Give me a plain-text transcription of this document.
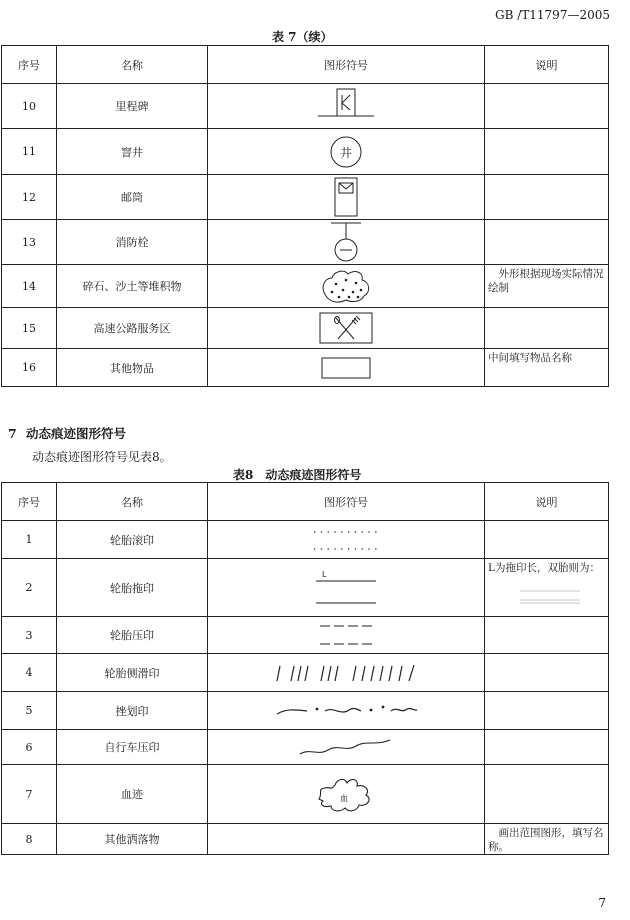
GB /T11797—2005
表 7（续）
序号	名称	图形符号	说明
10	里程碑	

11	窨井	井	

12	邮筒	

13	消防栓	

14	碎石、沙土等堆积物		　外形根据现场实际情况绘制
15	高速公路服务区	

16	其他物品		中间填写物品名称
7 动态痕迹图形符号
动态痕迹图形符号见表8。
表8　动态痕迹图形符号
序号	名称	图形符号	说明
1	轮胎滚印	

2	轮胎拖印	L	L为拖印长，双胎则为：

3	轮胎压印	

4	轮胎侧滑印	

5	挫划印	

6	自行车压印	

7	血迹	血	

8	其他洒落物		　画出范围图形，填写名称。
7
